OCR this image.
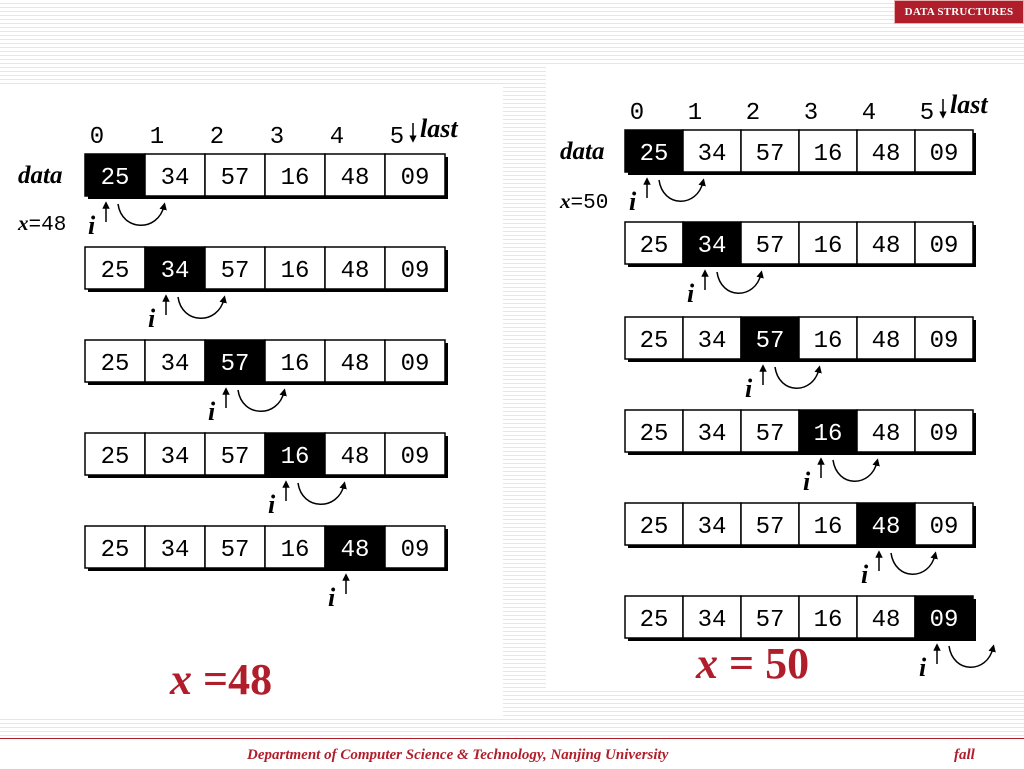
DATA STRUCTURES
0 1 2 3 4 5 last
data
x=48
25 34 57 16 48 09
i
25 34 57 16 48 09
i
25 34 57 16 48 09
i
25 34 57 16 48 09
i
25 34 57 16 48 09
i
0 1 2 3 4 5 last
data
x=50
25 34 57 16 48 09
i
25 34 57 16 48 09
i
25 34 57 16 48 09
i
25 34 57 16 48 09
i
25 34 57 16 48 09
i
25 34 57 16 48 09
i
x =48	x = 50
Department of Computer Science & Technology, Nanjing University	fall
